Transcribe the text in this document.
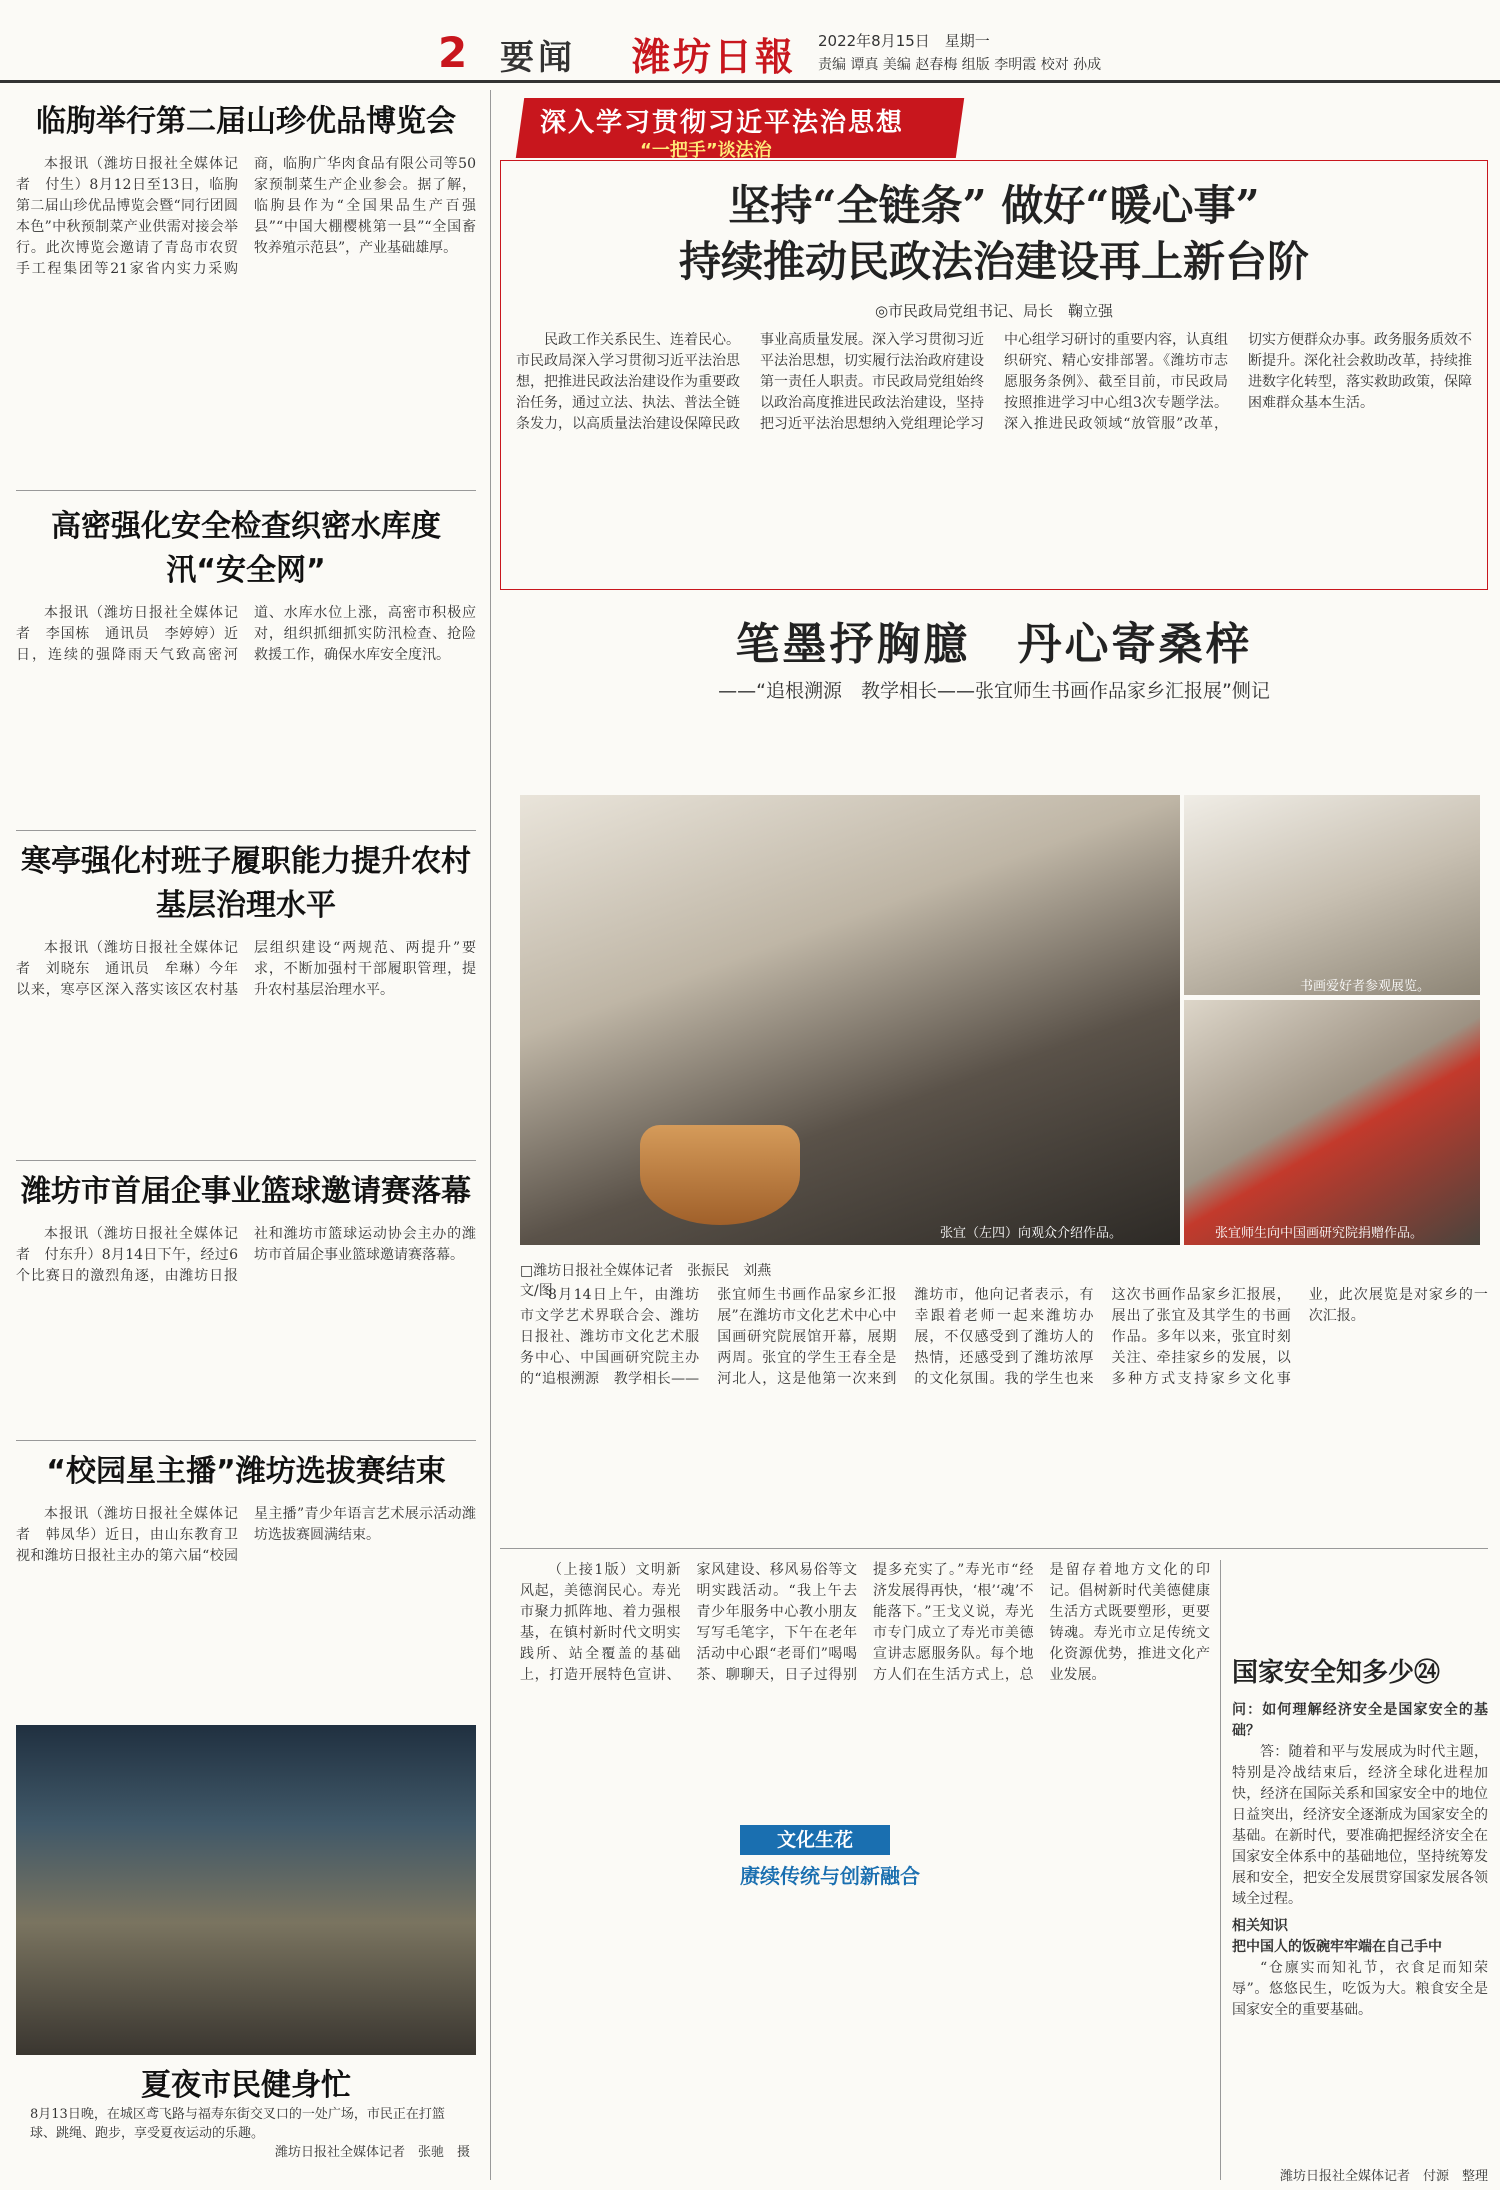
2 要闻 潍坊日報 2022年8月15日　星期一
责编 谭真 美编 赵春梅 组版 李明霞 校对 孙成
临朐举行第二届山珍优品博览会

本报讯（潍坊日报社全媒体记者　付生）8月12日至13日，临朐第二届山珍优品博览会暨“同行团圆本色”中秋预制菜产业供需对接会举行。此次博览会邀请了青岛市农贸手工程集团等21家省内实力采购商，临朐广华肉食品有限公司等50家预制菜生产企业参会。据了解，临朐县作为“全国果品生产百强县”“中国大棚樱桃第一县”“全国畜牧养殖示范县”，产业基础雄厚。

高密强化安全检查织密水库度汛“安全网”

本报讯（潍坊日报社全媒体记者　李国栋　通讯员　李婷婷）近日，连续的强降雨天气致高密河道、水库水位上涨，高密市积极应对，组织抓细抓实防汛检查、抢险救援工作，确保水库安全度汛。

寒亭强化村班子履职能力提升农村基层治理水平

本报讯（潍坊日报社全媒体记者　刘晓东　通讯员　牟琳）今年以来，寒亭区深入落实该区农村基层组织建设“两规范、两提升”要求，不断加强村干部履职管理，提升农村基层治理水平。

潍坊市首届企事业篮球邀请赛落幕

本报讯（潍坊日报社全媒体记者　付东升）8月14日下午，经过6个比赛日的激烈角逐，由潍坊日报社和潍坊市篮球运动协会主办的潍坊市首届企事业篮球邀请赛落幕。

“校园星主播”潍坊选拔赛结束

本报讯（潍坊日报社全媒体记者　韩凤华）近日，由山东教育卫视和潍坊日报社主办的第六届“校园星主播”青少年语言艺术展示活动潍坊选拔赛圆满结束。

夏夜市民健身忙
8月13日晚，在城区鸢飞路与福寿东街交叉口的一处广场，市民正在打篮球、跳绳、跑步，享受夏夜运动的乐趣。
潍坊日报社全媒体记者　张驰　摄
深入学习贯彻习近平法治思想
“一把手”谈法治
坚持“全链条” 做好“暖心事”
持续推动民政法治建设再上新台阶
◎市民政局党组书记、局长　鞠立强

民政工作关系民生、连着民心。市民政局深入学习贯彻习近平法治思想，把推进民政法治建设作为重要政治任务，通过立法、执法、普法全链条发力，以高质量法治建设保障民政事业高质量发展。深入学习贯彻习近平法治思想，切实履行法治政府建设第一责任人职责。市民政局党组始终以政治高度推进民政法治建设，坚持把习近平法治思想纳入党组理论学习中心组学习研讨的重要内容，认真组织研究、精心安排部署。《潍坊市志愿服务条例》、截至目前，市民政局按照推进学习中心组3次专题学法。深入推进民政领域“放管服”改革，切实方便群众办事。政务服务质效不断提升。深化社会救助改革，持续推进数字化转型，落实救助政策，保障困难群众基本生活。

笔墨抒胸臆　丹心寄桑梓
——“追根溯源　教学相长——张宜师生书画作品家乡汇报展”侧记
张宜（左四）向观众介绍作品。
书画爱好者参观展览。
张宜师生向中国画研究院捐赠作品。
□潍坊日报社全媒体记者　张振民　刘燕　文/图

8月14日上午，由潍坊市文学艺术界联合会、潍坊日报社、潍坊市文化艺术服务中心、中国画研究院主办的“追根溯源　教学相长——张宜师生书画作品家乡汇报展”在潍坊市文化艺术中心中国画研究院展馆开幕，展期两周。张宜的学生王春全是河北人，这是他第一次来到潍坊市，他向记者表示，有幸跟着老师一起来潍坊办展，不仅感受到了潍坊人的热情，还感受到了潍坊浓厚的文化氛围。我的学生也来这次书画作品家乡汇报展，展出了张宜及其学生的书画作品。多年以来，张宜时刻关注、牵挂家乡的发展，以多种方式支持家乡文化事业，此次展览是对家乡的一次汇报。

（上接1版）文明新风起，美德润民心。寿光市聚力抓阵地、着力强根基，在镇村新时代文明实践所、站全覆盖的基础上，打造开展特色宣讲、家风建设、移风易俗等文明实践活动。“我上午去青少年服务中心教小朋友写写毛笔字，下午在老年活动中心跟“老哥们”喝喝茶、聊聊天，日子过得别提多充实了。”寿光市“经济发展得再快，‘根’‘魂’不能落下。”王戈义说，寿光市专门成立了寿光市美德宣讲志愿服务队。每个地方人们在生活方式上，总是留存着地方文化的印记。倡树新时代美德健康生活方式既要塑形，更要铸魂。寿光市立足传统文化资源优势，推进文化产业发展。

文化生花
赓续传统与创新融合
国家安全知多少㉔

问：如何理解经济安全是国家安全的基础？

答：随着和平与发展成为时代主题，特别是冷战结束后，经济全球化进程加快，经济在国际关系和国家安全中的地位日益突出，经济安全逐渐成为国家安全的基础。在新时代，要准确把握经济安全在国家安全体系中的基础地位，坚持统筹发展和安全，把安全发展贯穿国家发展各领域全过程。

相关知识

把中国人的饭碗牢牢端在自己手中

“仓廪实而知礼节，衣食足而知荣辱”。悠悠民生，吃饭为大。粮食安全是国家安全的重要基础。

潍坊日报社全媒体记者　付源　整理
